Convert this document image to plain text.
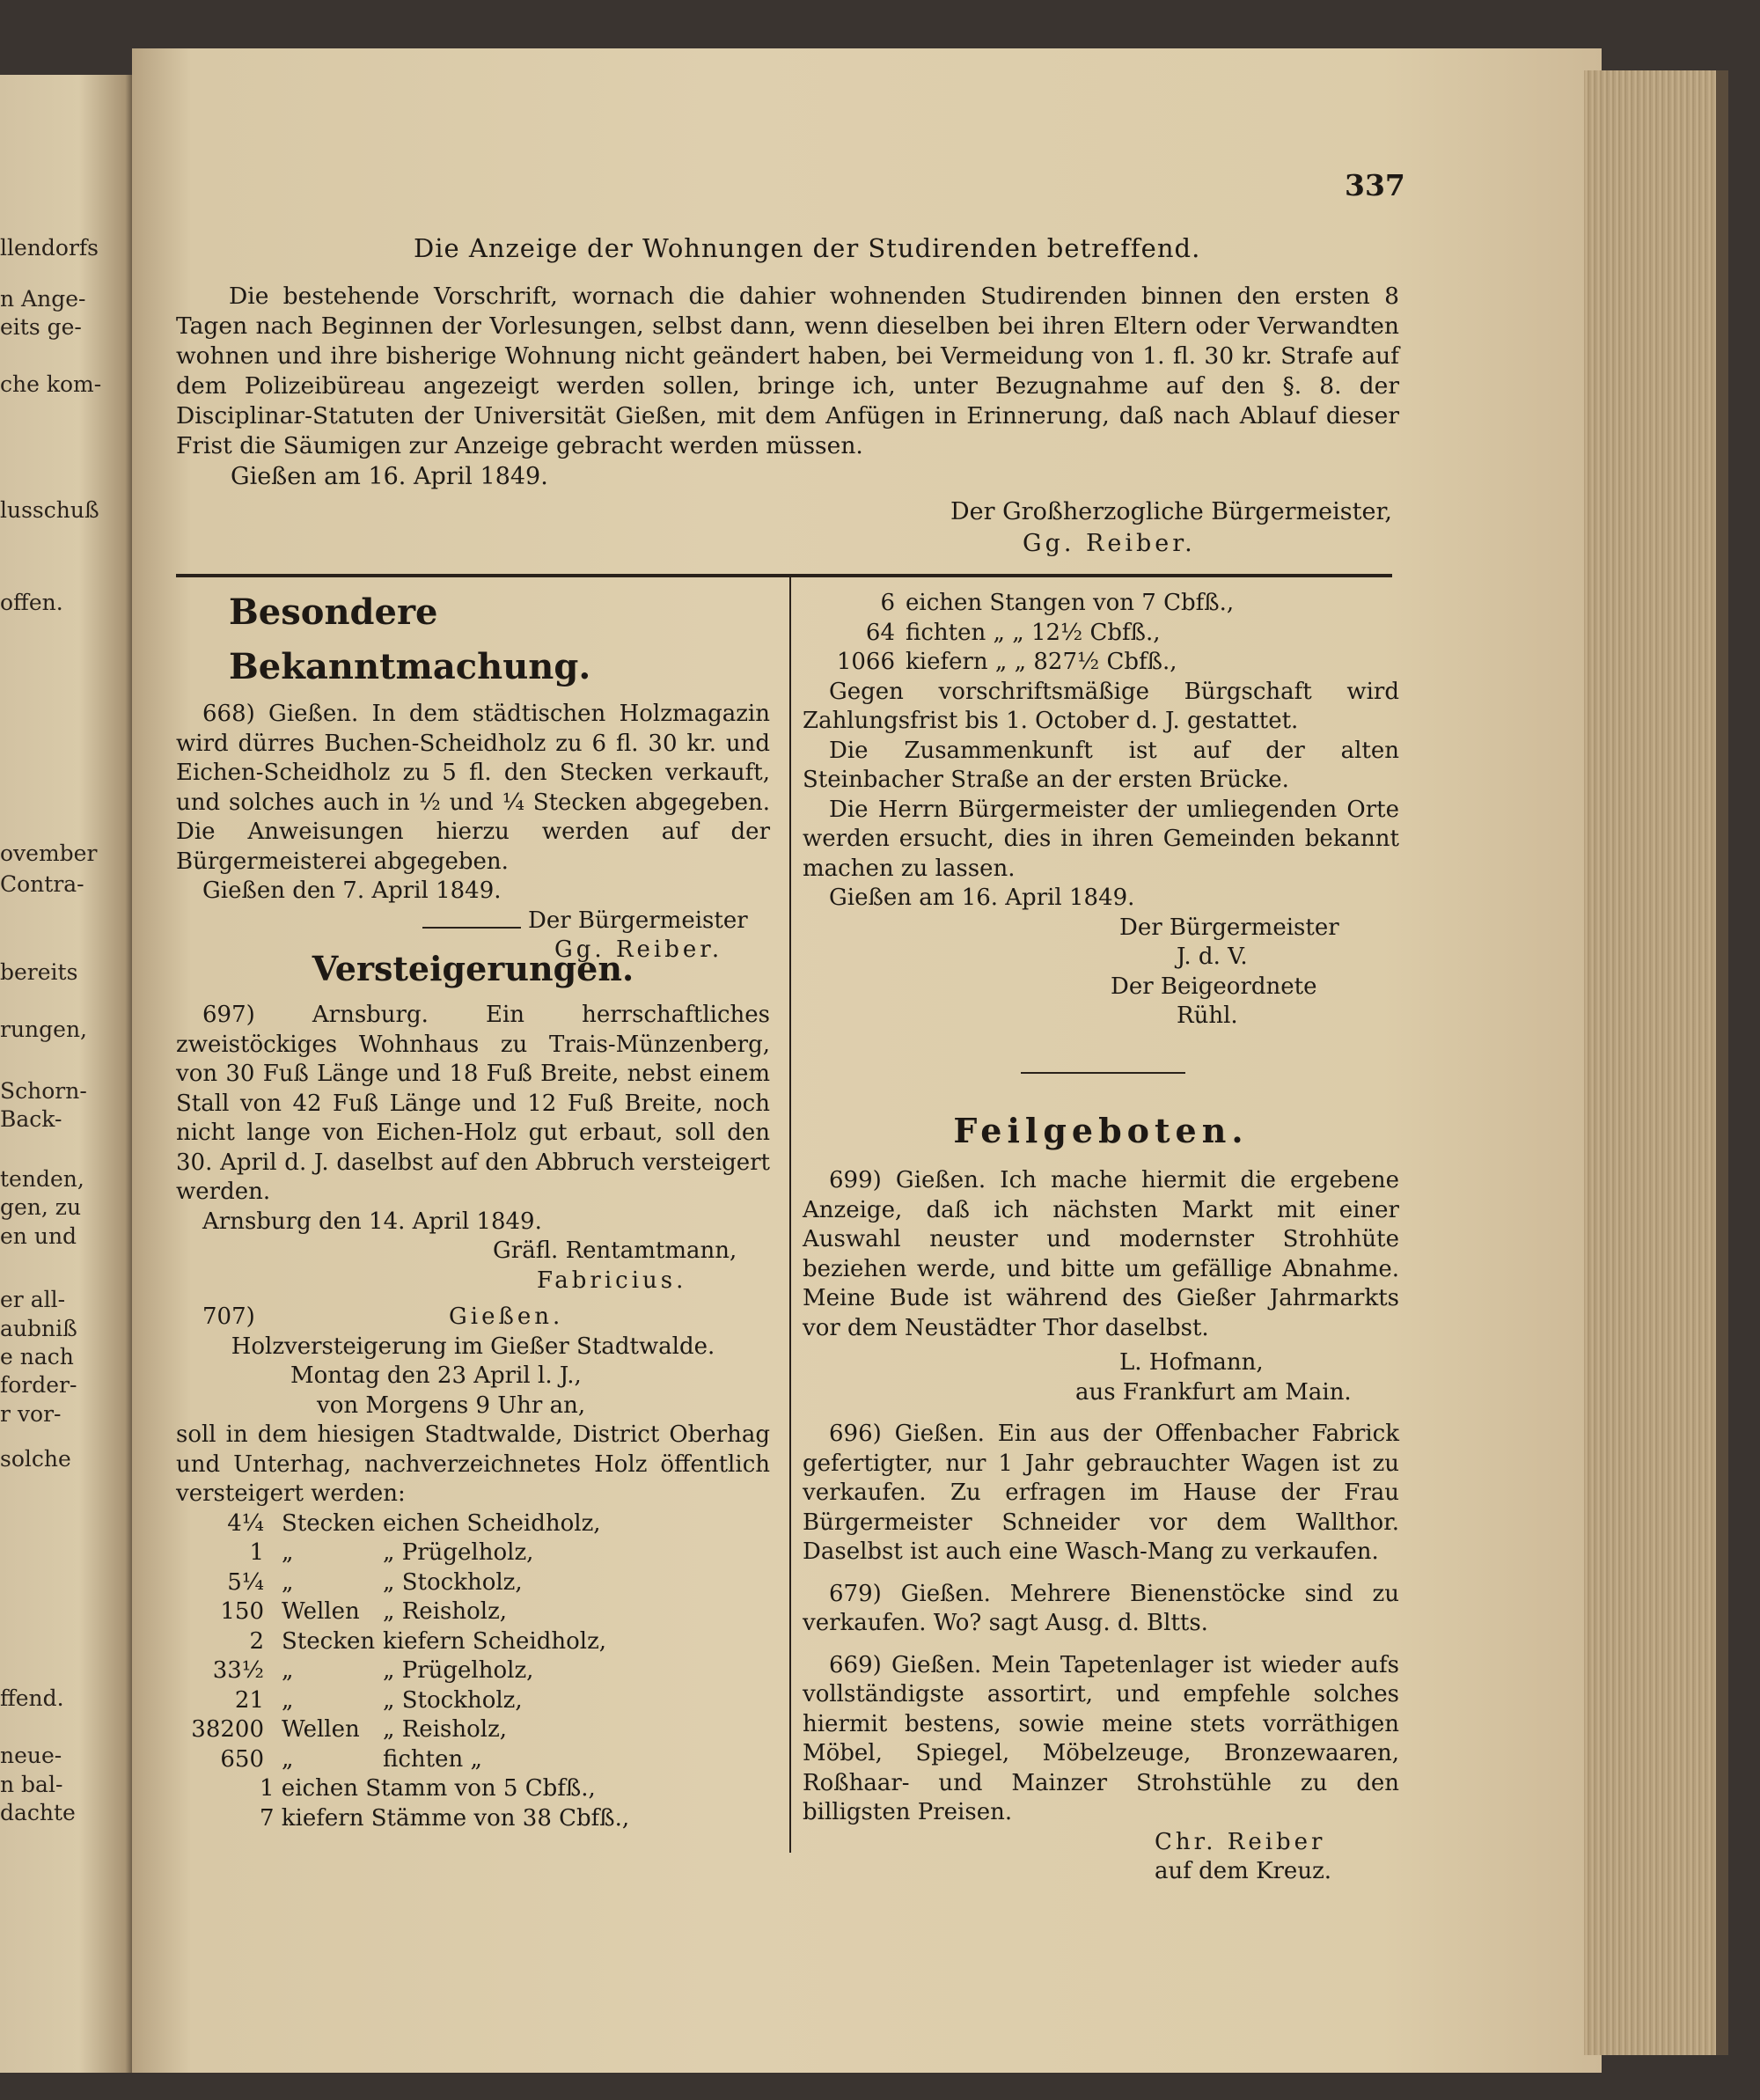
llendorfs
n Ange-
eits ge-
che kom-
lusschuß
offen.
ovember
Contra-
bereits
rungen,
Schorn-
Back-
tenden,
gen, zu
en und
er all-
aubniß
e nach
forder-
r vor-
solche
ffend.
neue-
n bal-
dachte
337
Die Anzeige der Wohnungen der Studirenden betreffend.
Die bestehende Vorschrift, wornach die dahier wohnenden Studirenden binnen den ersten 8 Tagen nach Beginnen der Vorlesungen, selbst dann, wenn dieselben bei ihren Eltern oder Verwandten wohnen und ihre bisherige Wohnung nicht geändert haben, bei Vermeidung von 1. fl. 30 kr. Strafe auf dem Polizeibüreau angezeigt werden sollen, bringe ich, unter Bezugnahme auf den §. 8. der Disciplinar-Statuten der Universität Gießen, mit dem Anfügen in Erinnerung, daß nach Ablauf dieser Frist die Säumigen zur Anzeige gebracht werden müssen.
Gießen am 16. April 1849.
Der Großherzogliche Bürgermeister,
Gg. Reiber.

Besondere Bekanntmachung.

668) Gießen. In dem städtischen Holzmagazin wird dürres Buchen-Scheidholz zu 6 fl. 30 kr. und Eichen-Scheidholz zu 5 fl. den Stecken verkauft, und solches auch in ½ und ¼ Stecken abgegeben. Die Anweisungen hierzu werden auf der Bürgermeisterei abgegeben.

Gießen den 7. April 1849.

Der Bürgermeister

Gg. Reiber.

Versteigerungen.

697) Arnsburg. Ein herrschaftliches zweistöckiges Wohnhaus zu Trais-Münzenberg, von 30 Fuß Länge und 18 Fuß Breite, nebst einem Stall von 42 Fuß Länge und 12 Fuß Breite, noch nicht lange von Eichen-Holz gut erbaut, soll den 30. April d. J. daselbst auf den Abbruch versteigert werden.

Arnsburg den 14. April 1849.

Gräfl. Rentamtmann,

Fabricius.

707)	Gießen.

Holzversteigerung im Gießer Stadtwalde.

Montag den 23 April l. J.,

von Morgens 9 Uhr an,

soll in dem hiesigen Stadtwalde, District Oberhag und Unterhag, nachverzeichnetes Holz öffentlich versteigert werden:

4¼ Stecken eichen Scheidholz,
1 „	„ Prügelholz,
5¼ „	„ Stockholz,
150 Wellen	„ Reisholz,
2 Stecken kiefern Scheidholz,
33½ „	„ Prügelholz,
21 „	„ Stockholz,
38200 Wellen	„ Reisholz,
650 „	fichten „

1 eichen Stamm von 5 Cbfß.,

7 kiefern Stämme von 38 Cbfß.,

6 eichen Stangen von 7 Cbfß.,
64 fichten „ „ 12½ Cbfß.,
1066 kiefern „ „ 827½ Cbfß.,

Gegen vorschriftsmäßige Bürgschaft wird Zahlungsfrist bis 1. October d. J. gestattet.

Die Zusammenkunft ist auf der alten Steinbacher Straße an der ersten Brücke.

Die Herrn Bürgermeister der umliegenden Orte werden ersucht, dies in ihren Gemeinden bekannt machen zu lassen.

Gießen am 16. April 1849.

Der Bürgermeister

J. d. V.

Der Beigeordnete

Rühl.

Feilgeboten.

699) Gießen. Ich mache hiermit die ergebene Anzeige, daß ich nächsten Markt mit einer Auswahl neuster und modernster Strohhüte beziehen werde, und bitte um gefällige Abnahme. Meine Bude ist während des Gießer Jahrmarkts vor dem Neustädter Thor daselbst.

L. Hofmann,

aus Frankfurt am Main.

696) Gießen. Ein aus der Offenbacher Fabrick gefertigter, nur 1 Jahr gebrauchter Wagen ist zu verkaufen. Zu erfragen im Hause der Frau Bürgermeister Schneider vor dem Wallthor. Daselbst ist auch eine Wasch-Mang zu verkaufen.

679) Gießen. Mehrere Bienenstöcke sind zu verkaufen. Wo? sagt Ausg. d. Bltts.

669) Gießen. Mein Tapetenlager ist wieder aufs vollständigste assortirt, und empfehle solches hiermit bestens, sowie meine stets vorräthigen Möbel, Spiegel, Möbelzeuge, Bronzewaaren, Roßhaar- und Mainzer Strohstühle zu den billigsten Preisen.

Chr. Reiber

auf dem Kreuz.
